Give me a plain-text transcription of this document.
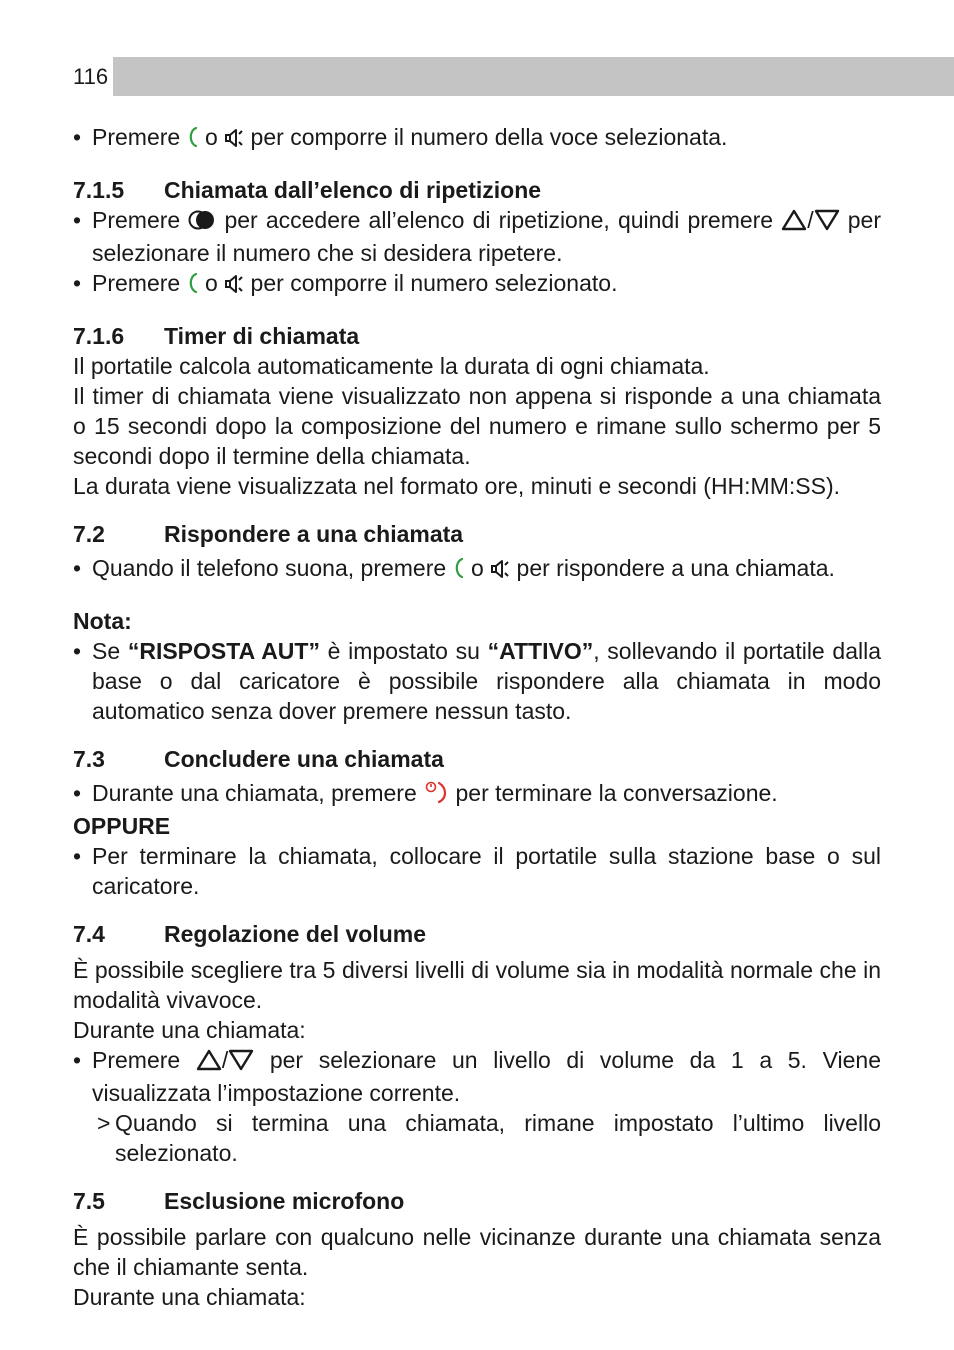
116

• Premere  o  per comporre il numero della voce selezionata.

7.1.5	Chiamata dall’elenco di ripetizione

• Premere  per accedere all’elenco di ripetizione, quindi premere / per selezionare il numero che si desidera ripetere.

• Premere  o  per comporre il numero selezionato.

7.1.6	Timer di chiamata

Il portatile calcola automaticamente la durata di ogni chiamata.

Il timer di chiamata viene visualizzato non appena si risponde a una chiamata o 15 secondi dopo la composizione del numero e rimane sullo schermo per 5 secondi dopo il termine della chiamata.

La durata viene visualizzata nel formato ore, minuti e secondi (HH:MM:SS).

7.2	Rispondere a una chiamata

• Quando il telefono suona, premere  o  per rispondere a una chiamata.

Nota:

• Se “RISPOSTA AUT” è impostato su “ATTIVO”, sollevando il portatile dalla base o dal caricatore è possibile rispondere alla chiamata in modo automatico senza dover premere nessun tasto.

7.3	Concludere una chiamata

• Durante una chiamata, premere  per terminare la conversazione.

OPPURE

• Per terminare la chiamata, collocare il portatile sulla stazione base o sul caricatore.

7.4	Regolazione del volume

È possibile scegliere tra 5 diversi livelli di volume sia in modalità normale che in modalità vivavoce.

Durante una chiamata:

• Premere / per selezionare un livello di volume da 1 a 5. Viene visualizzata l’impostazione corrente.

> Quando si termina una chiamata, rimane impostato l’ultimo livello selezionato.

7.5	Esclusione microfono

È possibile parlare con qualcuno nelle vicinanze durante una chiamata senza che il chiamante senta.

Durante una chiamata:
